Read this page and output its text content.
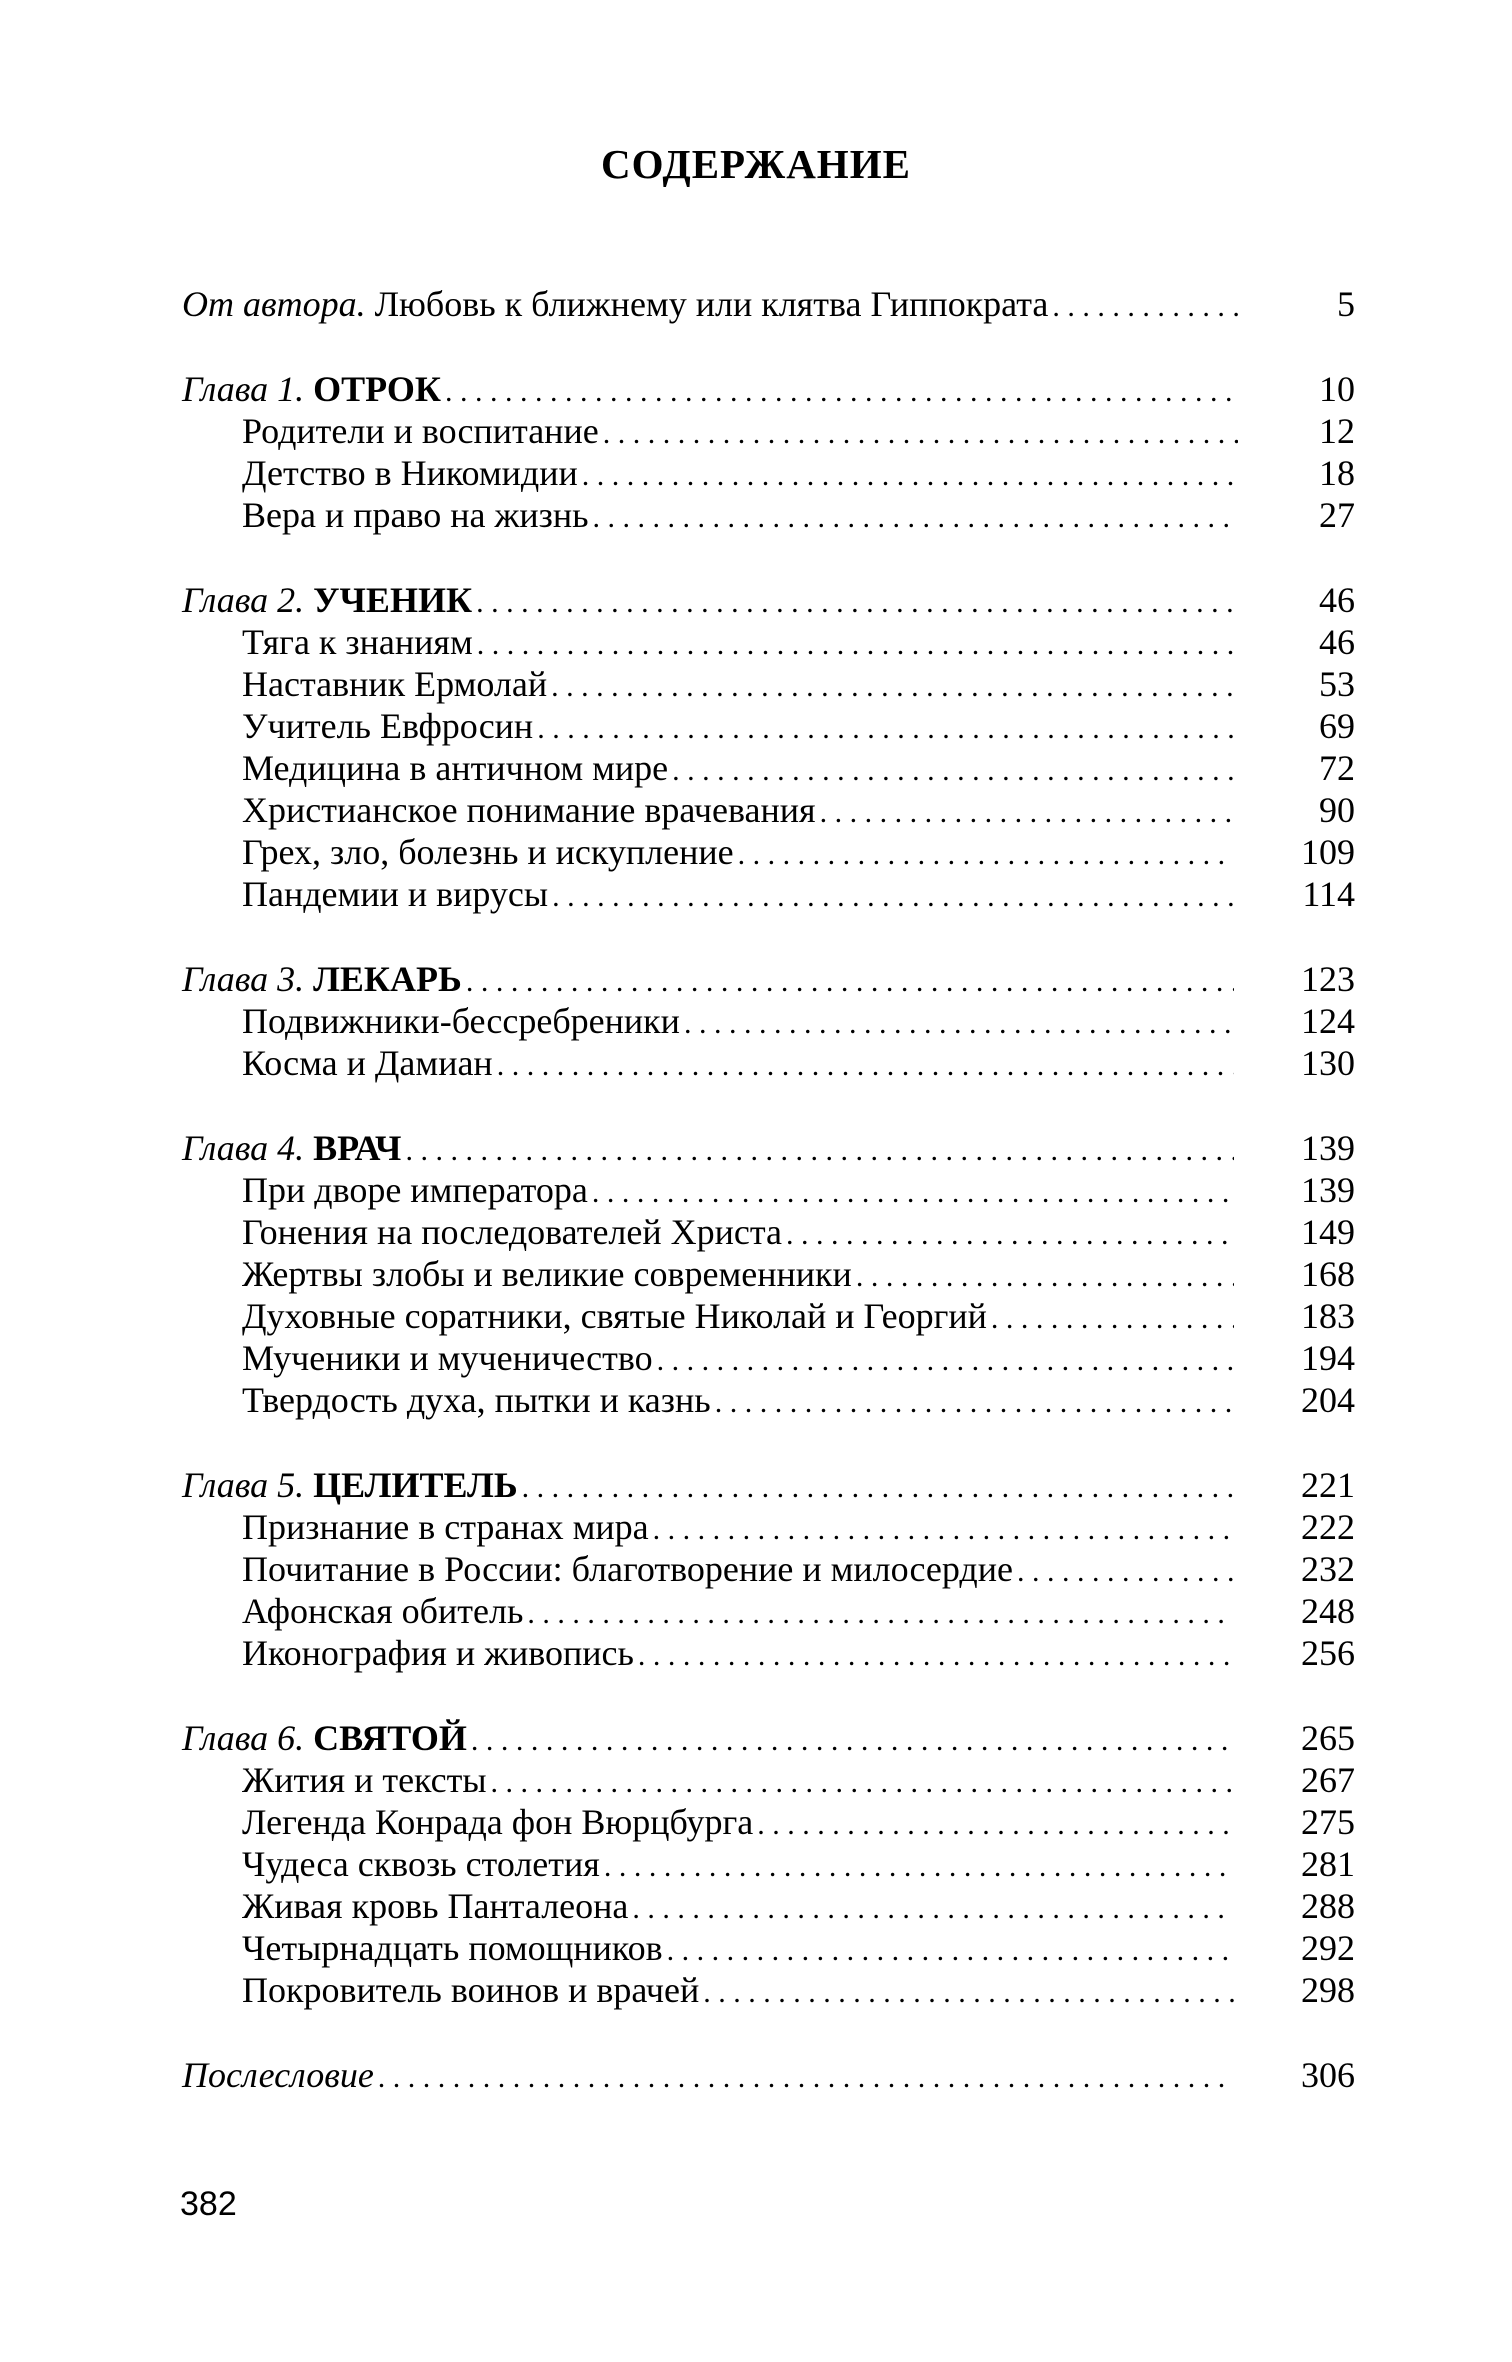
СОДЕРЖАНИЕ
От автора. Любовь к ближнему или клятва Гиппократа . . .	5
Глава 1. ОТРОК . . .	10
Родители и воспитание . . .	12
Детство в Никомидии . . .	18
Вера и право на жизнь . . .	27
Глава 2. УЧЕНИК . . .	46
Тяга к знаниям . . .	46
Наставник Ермолай . . .	53
Учитель Евфросин . . .	69
Медицина в античном мире . . .	72
Христианское понимание врачевания . . .	90
Грех, зло, болезнь и искупление . . .	109
Пандемии и вирусы . . .	114
Глава 3. ЛЕКАРЬ . . .	123
Подвижники-бессребреники . . .	124
Косма и Дамиан . . .	130
Глава 4. ВРАЧ . . .	139
При дворе императора . . .	139
Гонения на последователей Христа . . .	149
Жертвы злобы и великие современники . . .	168
Духовные соратники, святые Николай и Георгий . . .	183
Мученики и мученичество . . .	194
Твердость духа, пытки и казнь . . .	204
Глава 5. ЦЕЛИТЕЛЬ . . .	221
Признание в странах мира . . .	222
Почитание в России: благотворение и милосердие . . .	232
Афонская обитель . . .	248
Иконография и живопись . . .	256
Глава 6. СВЯТОЙ . . .	265
Жития и тексты . . .	267
Легенда Конрада фон Вюрцбурга . . .	275
Чудеса сквозь столетия . . .	281
Живая кровь Панталеона . . .	288
Четырнадцать помощников . . .	292
Покровитель воинов и врачей . . .	298
Послесловие . . .	306
382
